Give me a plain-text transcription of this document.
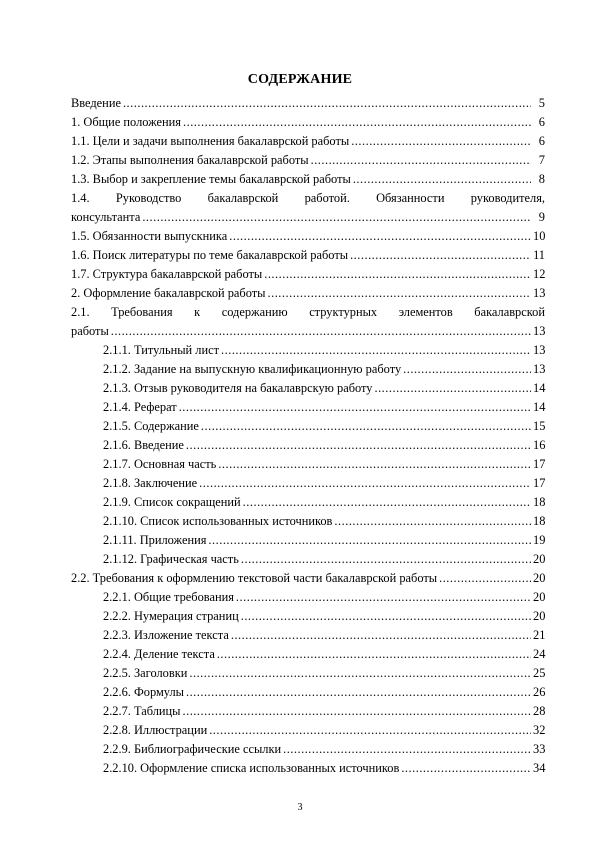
СОДЕРЖАНИЕ
Введение .....	5
1. Общие положения .....	6
1.1. Цели и задачи выполнения бакалаврской работы .....	6
1.2. Этапы выполнения бакалаврской работы .....	7
1.3. Выбор и закрепление темы бакалаврской работы .....	8
1.4. Руководство бакалаврской работой. Обязанности руководителя,
консультанта .....	9
1.5. Обязанности выпускника .....	10
1.6. Поиск литературы по теме бакалаврской работы .....	11
1.7. Структура бакалаврской работы .....	12
2. Оформление бакалаврской работы .....	13
2.1. Требования к содержанию структурных элементов бакалаврской
работы .....	13
2.1.1. Титульный лист .....	13
2.1.2. Задание на выпускную квалификационную работу .....	13
2.1.3. Отзыв руководителя на бакалаврскую работу .....	14
2.1.4. Реферат .....	14
2.1.5. Содержание .....	15
2.1.6. Введение .....	16
2.1.7. Основная часть .....	17
2.1.8. Заключение .....	17
2.1.9. Список сокращений .....	18
2.1.10. Список использованных источников .....	18
2.1.11. Приложения .....	19
2.1.12. Графическая часть .....	20
2.2. Требования к оформлению текстовой части бакалаврской работы .....	20
2.2.1. Общие требования .....	20
2.2.2. Нумерация страниц .....	20
2.2.3. Изложение текста .....	21
2.2.4. Деление текста .....	24
2.2.5. Заголовки .....	25
2.2.6. Формулы .....	26
2.2.7. Таблицы .....	28
2.2.8. Иллюстрации .....	32
2.2.9. Библиографические ссылки .....	33
2.2.10. Оформление списка использованных источников .....	34
3
